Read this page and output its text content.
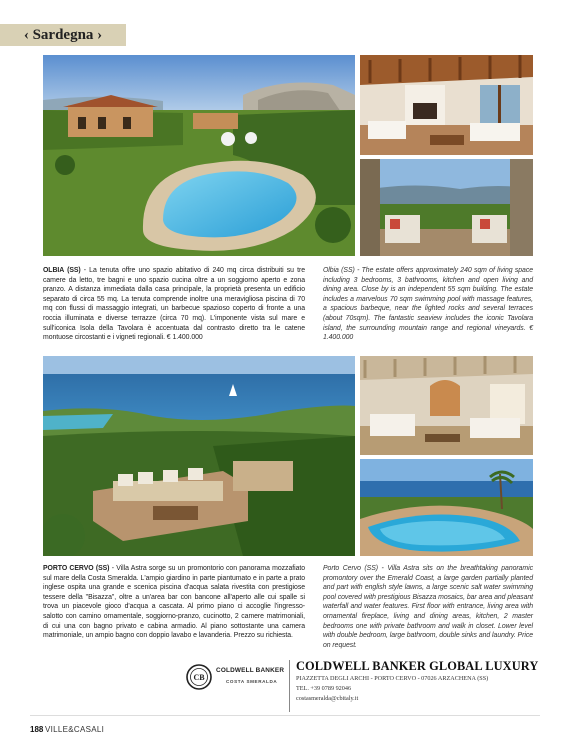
‹ Sardegna ›

OLBIA (SS) - La tenuta offre uno spazio abitativo di 240 mq circa distribuiti su tre camere da letto, tre bagni e uno spazio cucina oltre a un soggiorno aperto e zona pranzo. A distanza immediata dalla casa principale, la proprietà presenta un edificio separato di circa 55 mq. La tenuta comprende inoltre una meravigliosa piscina di 70 mq con flussi di massaggio integrati, un barbecue spazioso coperto di fronte a una roccia illuminata e diverse terrazze (circa 70 mq). L'imponente vista sul mare e sull'iconica Isola della Tavolara è accentuata dal contrasto diretto tra le catene montuose circostanti e i vigneti regionali. € 1.400.000

Olbia (SS) - The estate offers approximately 240 sqm of living space including 3 bedrooms, 3 bathrooms, kitchen and open living and dining area. Close by is an independent 55 sqm building. The estate includes a marvelous 70 sqm swimming pool with massage features, a spacious barbeque, near the lighted rocks and several terraces (about 70sqm). The fantastic seaview includes the iconic Tavolara island, the surrounding mountain range and regional vineyards. € 1.400.000

PORTO CERVO (SS) - Villa Astra sorge su un promontorio con panorama mozzafiato sul mare della Costa Smeralda. L'ampio giardino in parte piantumato e in parte a prato inglese ospita una grande e scenica piscina d'acqua salata rivestita con prestigiose tessere della "Bisazza", oltre a un'area bar con bancone all'aperto alle cui spalle si trova un piacevole gioco d'acqua a cascata. Al primo piano ci accoglie l'ingresso-salotto con camino ornamentale, soggiorno-pranzo, cucinotto, 2 camere matrimoniali, di cui una con bagno privato e cabina armadio. Al piano sottostante una camera matrimoniale, un ampio bagno con doppio lavabo e lavanderia. Prezzo su richiesta.

Porto Cervo (SS) - Villa Astra sits on the breathtaking panoramic promontory over the Emerald Coast, a large garden partially planted and part with english style lawns, a large scenic salt water swimming pool covered with prestigious Bisazza mosaics, bar area and pleasant waterfall and water features. First floor with entrance, living area with ornamental fireplace, living and dining areas, kitchen, 2 master bedrooms one with private bathroom and walk in closet. Lower level with double bedroom, large bathroom, double sinks and laundry. Price on request.

CB
COLDWELL BANKER
COSTA SMERALDA
COLDWELL BANKER GLOBAL LUXURY
PIAZZETTA DEGLI ARCHI - PORTO CERVO - 07026 ARZACHENA (SS)
TEL. +39 0789 92046
costasmeralda@cbitaly.it
188 VILLE&CASALI
